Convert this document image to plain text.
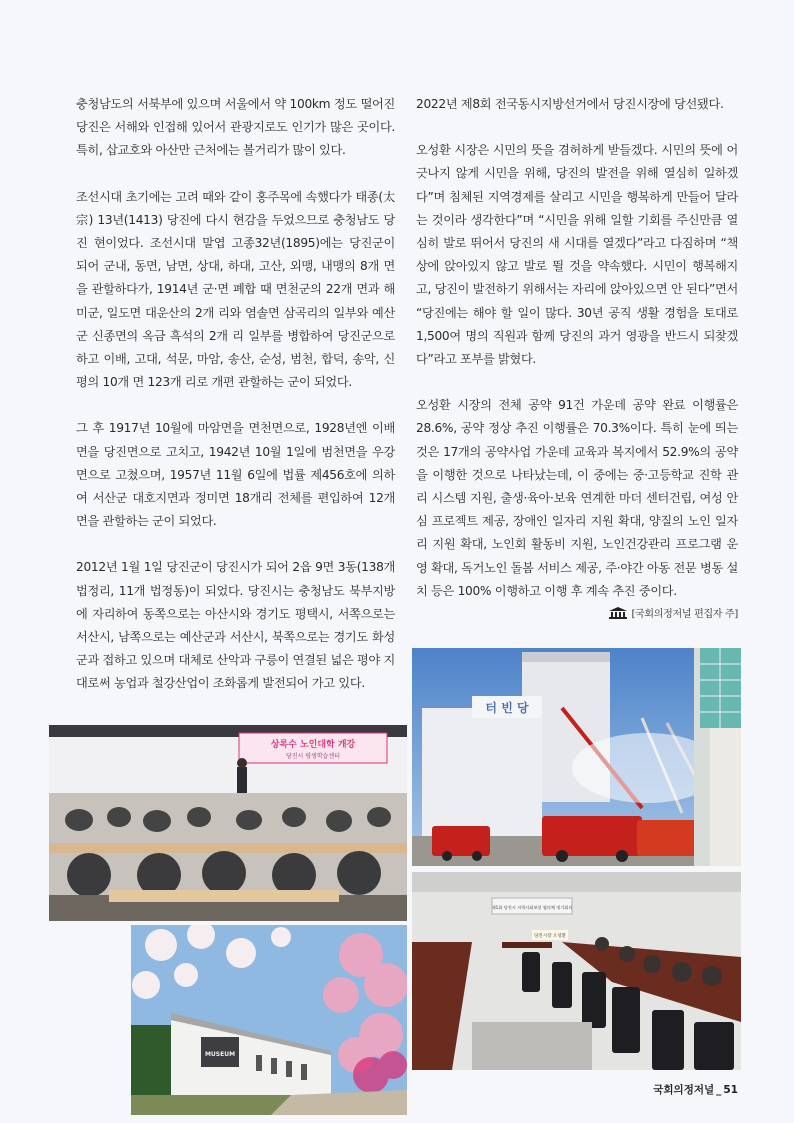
충청남도의 서북부에 있으며 서울에서 약 100km 정도 떨어진 당진은 서해와 인접해 있어서 관광지로도 인기가 많은 곳이다. 특히, 삽교호와 아산만 근처에는 볼거리가 많이 있다.

조선시대 초기에는 고려 때와 같이 홍주목에 속했다가 태종(太宗) 13년(1413) 당진에 다시 현감을 두었으므로 충청남도 당진 현이었다. 조선시대 말엽 고종32년(1895)에는 당진군이 되어 군내, 동면, 남면, 상대, 하대, 고산, 외맹, 내맹의 8개 면을 관할하다가, 1914년 군·면 폐합 때 면천군의 22개 면과 해미군, 일도면 대운산의 2개 리와 염솔면 삼곡리의 일부와 예산군 신종면의 옥금 흑석의 2개 리 일부를 병합하여 당진군으로 하고 이배, 고대, 석문, 마암, 송산, 순성, 범천, 합덕, 송악, 신평의 10개 면 123개 리로 개편 관할하는 군이 되었다.

그 후 1917년 10월에 마암면을 면천면으로, 1928년엔 이배면을 당진면으로 고치고, 1942년 10월 1일에 범천면을 우강면으로 고쳤으며, 1957년 11월 6일에 법률 제456호에 의하여 서산군 대호지면과 정미면 18개리 전체를 편입하여 12개 면을 관할하는 군이 되었다.

2012년 1월 1일 당진군이 당진시가 되어 2읍 9면 3동(138개 법정리, 11개 법정동)이 되었다. 당진시는 충청남도 북부지방에 자리하여 동쪽으로는 아산시와 경기도 평택시, 서쪽으로는 서산시, 남쪽으로는 예산군과 서산시, 북쪽으로는 경기도 화성군과 접하고 있으며 대체로 산악과 구릉이 연결된 넓은 평야 지대로써 농업과 철강산업이 조화롭게 발전되어 가고 있다.

2022년 제8회 전국동시지방선거에서 당진시장에 당선됐다.

오성환 시장은 시민의 뜻을 겸허하게 받들겠다. 시민의 뜻에 어긋나지 않게 시민을 위해, 당진의 발전을 위해 열심히 일하겠다”며 침체된 지역경제를 살리고 시민을 행복하게 만들어 달라는 것이라 생각한다”며 “시민을 위해 일할 기회를 주신만큼 열심히 발로 뛰어서 당진의 새 시대를 열겠다”라고 다짐하며 “책상에 앉아있지 않고 발로 뛸 것을 약속했다. 시민이 행복해지고, 당진이 발전하기 위해서는 자리에 앉아있으면 안 된다”면서 “당진에는 해야 할 일이 많다. 30년 공직 생활 경험을 토대로 1,500여 명의 직원과 함께 당진의 과거 영광을 반드시 되찾겠다”라고 포부를 밝혔다.

오성환 시장의 전체 공약 91건 가운데 공약 완료 이행률은 28.6%, 공약 정상 추진 이행률은 70.3%이다. 특히 눈에 띄는 것은 17개의 공약사업 가운데 교육과 복지에서 52.9%의 공약을 이행한 것으로 나타났는데, 이 중에는 중·고등학교 진학 관리 시스템 지원, 출생·육아·보육 연계한 마더 센터건립, 여성 안심 프로젝트 제공, 장애인 일자리 지원 확대, 양질의 노인 일자리 지원 확대, 노인회 활동비 지원, 노인건강관리 프로그램 운영 확대, 독거노인 돌봄 서비스 제공, 주·야간 아동 전문 병동 설치 등은 100% 이행하고 이행 후 계속 추진 중이다.

[국회의정저널 편집자 주]
상록수 노인대학 개강
당진시 평생학습센터
터 빈 당
제1회 당진시 지역사회보장 협의체 정기회의
당진시장 오성환
MUSEUM
국회의정저널 _ 51
